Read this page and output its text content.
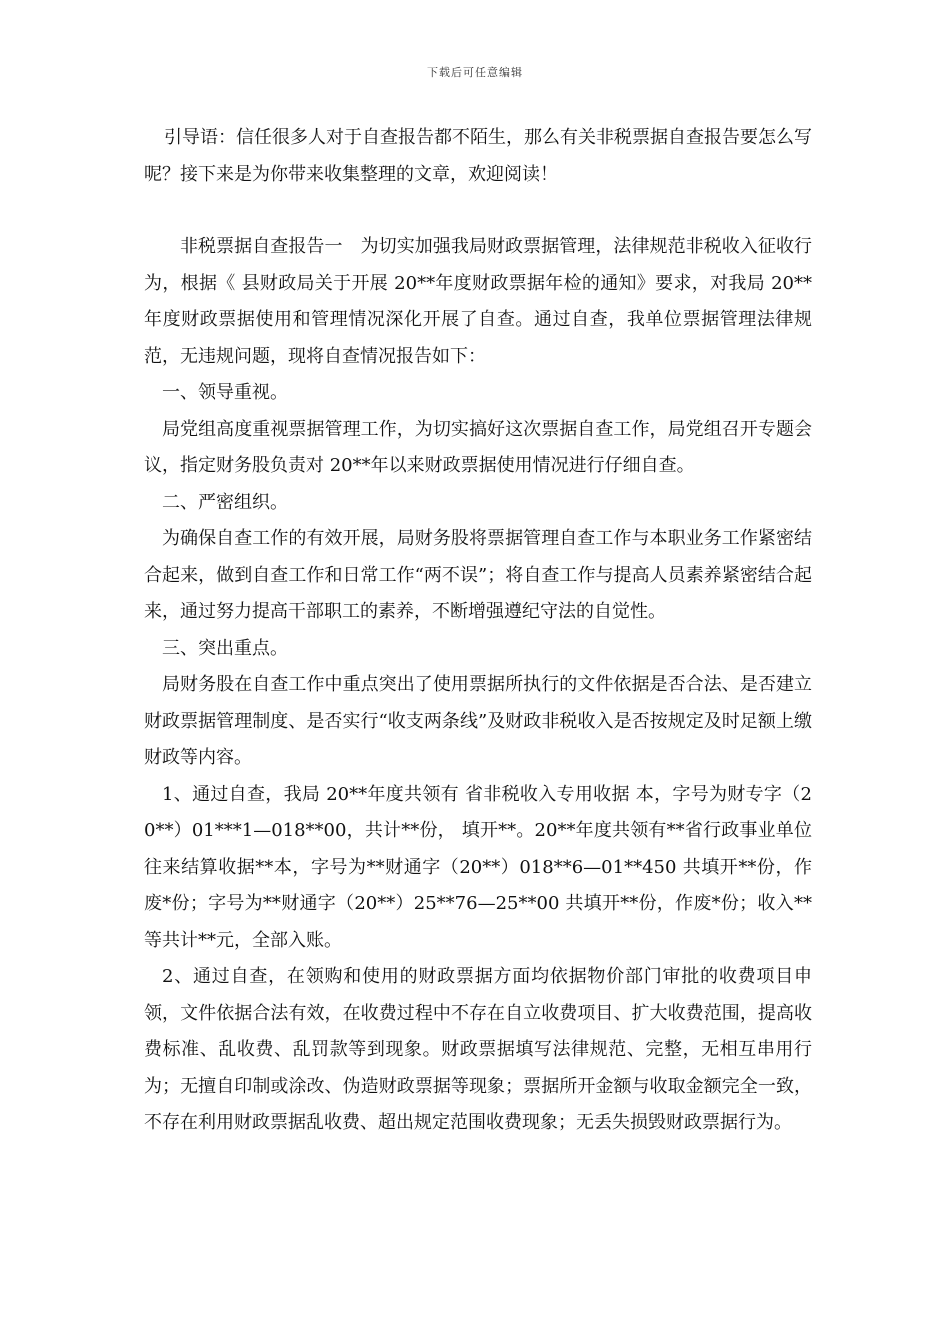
下载后可任意编辑

引导语：信任很多人对于自查报告都不陌生，那么有关非税票据自查报告要怎么写呢？接下来是为你带来收集整理的文章，欢迎阅读！

非税票据自查报告一　为切实加强我局财政票据管理，法律规范非税收入征收行为，根据《 县财政局关于开展 20**年度财政票据年检的通知》要求，对我局 20**年度财政票据使用和管理情况深化开展了自查。通过自查，我单位票据管理法律规范，无违规问题，现将自查情况报告如下：

一、领导重视。

局党组高度重视票据管理工作，为切实搞好这次票据自查工作，局党组召开专题会议，指定财务股负责对 20**年以来财政票据使用情况进行仔细自查。

二、严密组织。

为确保自查工作的有效开展，局财务股将票据管理自查工作与本职业务工作紧密结合起来，做到自查工作和日常工作“两不误”；将自查工作与提高人员素养紧密结合起来，通过努力提高干部职工的素养，不断增强遵纪守法的自觉性。

三、突出重点。

局财务股在自查工作中重点突出了使用票据所执行的文件依据是否合法、是否建立财政票据管理制度、是否实行“收支两条线”及财政非税收入是否按规定及时足额上缴财政等内容。

1、通过自查，我局 20**年度共领有 省非税收入专用收据 本，字号为财专字（20**）01***1—018**00，共计**份， 填开**。20**年度共领有**省行政事业单位往来结算收据**本，字号为**财通字（20**）018**6—01**450 共填开**份，作废*份；字号为**财通字（20**）25**76—25**00 共填开**份，作废*份；收入**等共计**元，全部入账。

2、通过自查，在领购和使用的财政票据方面均依据物价部门审批的收费项目申领，文件依据合法有效，在收费过程中不存在自立收费项目、扩大收费范围，提高收费标准、乱收费、乱罚款等到现象。财政票据填写法律规范、完整，无相互串用行为；无擅自印制或涂改、伪造财政票据等现象；票据所开金额与收取金额完全一致，不存在利用财政票据乱收费、超出规定范围收费现象；无丢失损毁财政票据行为。
